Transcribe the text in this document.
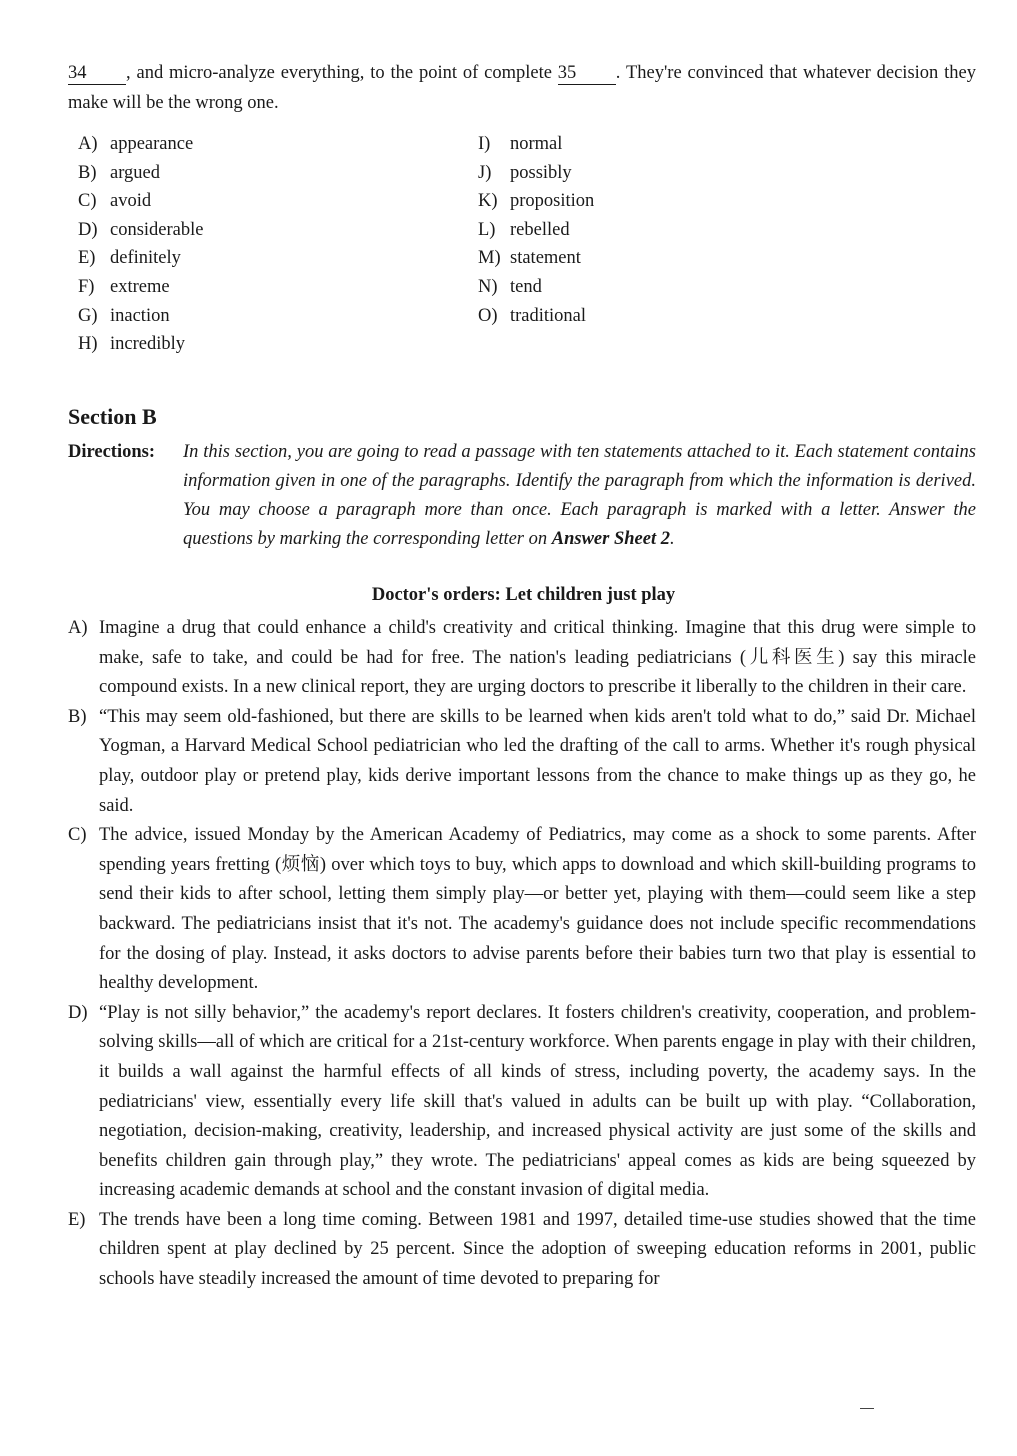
34 , and micro-analyze everything, to the point of complete 35 . They're convinced that whatever decision they make will be the wrong one.
A) appearance
B) argued
C) avoid
D) considerable
E) definitely
F) extreme
G) inaction
H) incredibly
I) normal
J) possibly
K) proposition
L) rebelled
M) statement
N) tend
O) traditional
Section B
Directions: In this section, you are going to read a passage with ten statements attached to it. Each statement contains information given in one of the paragraphs. Identify the paragraph from which the information is derived. You may choose a paragraph more than once. Each paragraph is marked with a letter. Answer the questions by marking the corresponding letter on Answer Sheet 2.
Doctor's orders: Let children just play
A) Imagine a drug that could enhance a child's creativity and critical thinking. Imagine that this drug were simple to make, safe to take, and could be had for free. The nation's leading pediatricians (儿科医生) say this miracle compound exists. In a new clinical report, they are urging doctors to prescribe it liberally to the children in their care.
B) “This may seem old-fashioned, but there are skills to be learned when kids aren't told what to do,” said Dr. Michael Yogman, a Harvard Medical School pediatrician who led the drafting of the call to arms. Whether it's rough physical play, outdoor play or pretend play, kids derive important lessons from the chance to make things up as they go, he said.
C) The advice, issued Monday by the American Academy of Pediatrics, may come as a shock to some parents. After spending years fretting (烦恼) over which toys to buy, which apps to download and which skill-building programs to send their kids to after school, letting them simply play—or better yet, playing with them—could seem like a step backward. The pediatricians insist that it's not. The academy's guidance does not include specific recommendations for the dosing of play. Instead, it asks doctors to advise parents before their babies turn two that play is essential to healthy development.
D) “Play is not silly behavior,” the academy's report declares. It fosters children's creativity, cooperation, and problem-solving skills—all of which are critical for a 21st-century workforce. When parents engage in play with their children, it builds a wall against the harmful effects of all kinds of stress, including poverty, the academy says. In the pediatricians' view, essentially every life skill that's valued in adults can be built up with play. “Collaboration, negotiation, decision-making, creativity, leadership, and increased physical activity are just some of the skills and benefits children gain through play,” they wrote. The pediatricians' appeal comes as kids are being squeezed by increasing academic demands at school and the constant invasion of digital media.
E) The trends have been a long time coming. Between 1981 and 1997, detailed time-use studies showed that the time children spent at play declined by 25 percent. Since the adoption of sweeping education reforms in 2001, public schools have steadily increased the amount of time devoted to preparing for
